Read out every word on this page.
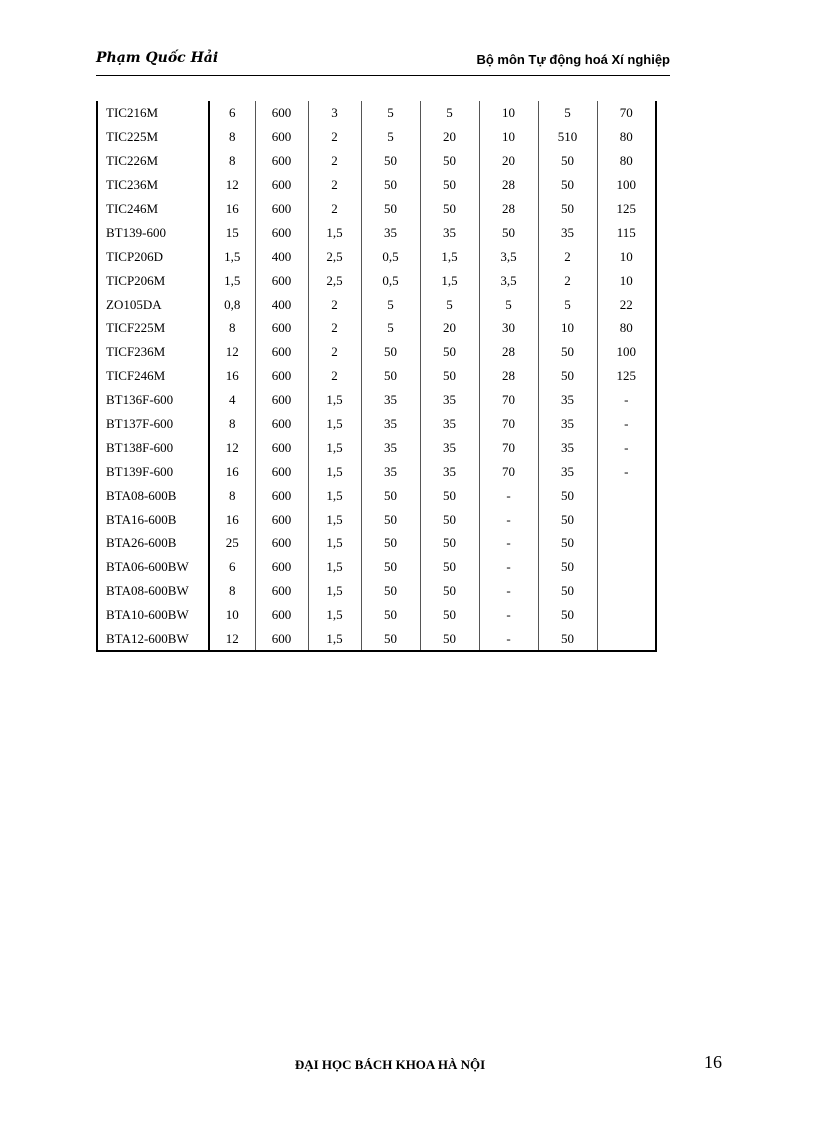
Phạm Quốc Hải	Bộ môn Tự động hoá Xí nghiệp
TIC216M	6	600	3	5	5	10	5	70
TIC225M	8	600	2	5	20	10	510	80
TIC226M	8	600	2	50	50	20	50	80
TIC236M	12	600	2	50	50	28	50	100
TIC246M	16	600	2	50	50	28	50	125
BT139-600	15	600	1,5	35	35	50	35	115
TICP206D	1,5	400	2,5	0,5	1,5	3,5	2	10
TICP206M	1,5	600	2,5	0,5	1,5	3,5	2	10
ZO105DA	0,8	400	2	5	5	5	5	22
TICF225M	8	600	2	5	20	30	10	80
TICF236M	12	600	2	50	50	28	50	100
TICF246M	16	600	2	50	50	28	50	125
BT136F-600	4	600	1,5	35	35	70	35	-
BT137F-600	8	600	1,5	35	35	70	35	-
BT138F-600	12	600	1,5	35	35	70	35	-
BT139F-600	16	600	1,5	35	35	70	35	-
BTA08-600B	8	600	1,5	50	50	-	50	
BTA16-600B	16	600	1,5	50	50	-	50	
BTA26-600B	25	600	1,5	50	50	-	50	
BTA06-600BW	6	600	1,5	50	50	-	50	
BTA08-600BW	8	600	1,5	50	50	-	50	
BTA10-600BW	10	600	1,5	50	50	-	50	
BTA12-600BW	12	600	1,5	50	50	-	50	
ĐẠI HỌC BÁCH KHOA HÀ NỘI	16
